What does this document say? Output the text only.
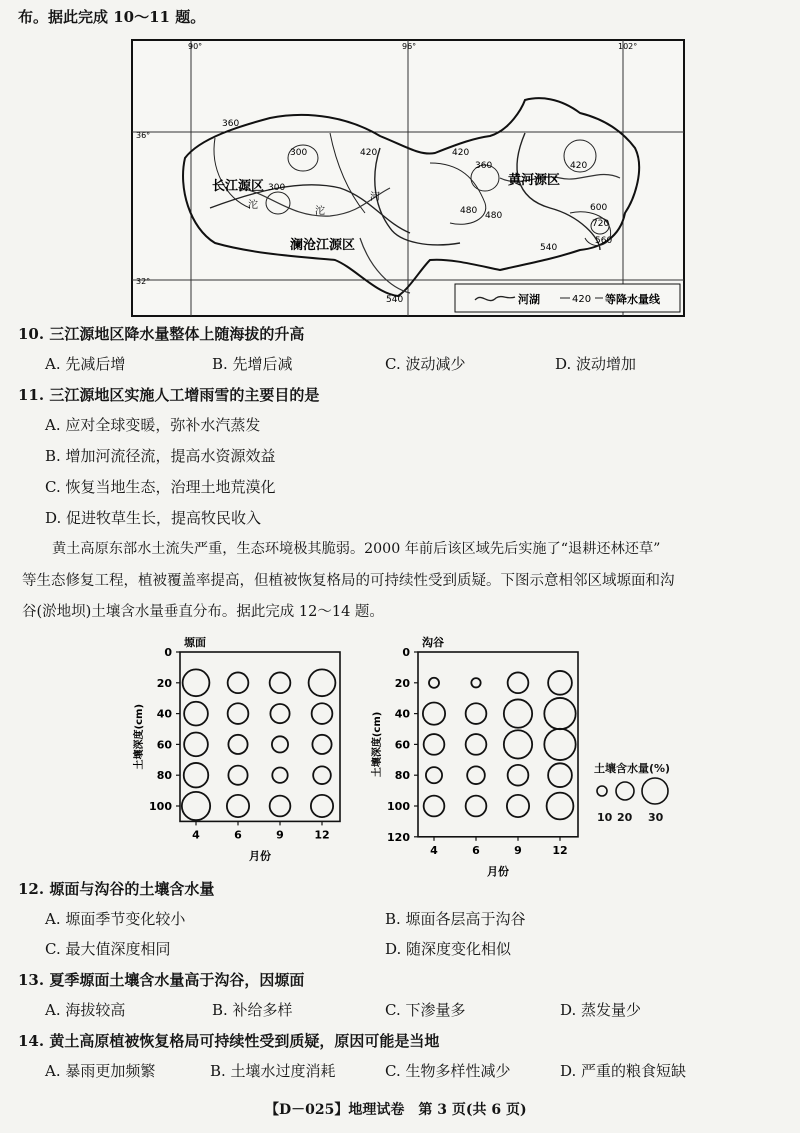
布。据此完成 10～11 题。
90°	96°	102°
36°
32°
360
300
300
420	420
360
480 480
540
540
600
720
560
420
长江源区	黄河源区
澜沧江源区
沱
沱
河
河湖	420 等降水量线
10. 三江源地区降水量整体上随海拔的升高
A. 先减后增	B. 先增后减	C. 波动减少	D. 波动增加
11. 三江源地区实施人工增雨雪的主要目的是
A. 应对全球变暖，弥补水汽蒸发
B. 增加河流径流，提高水资源效益
C. 恢复当地生态，治理土地荒漠化
D. 促进牧草生长，提高牧民收入
黄土高原东部水土流失严重，生态环境极其脆弱。2000 年前后该区域先后实施了“退耕还林还草”
等生态修复工程，植被覆盖率提高，但植被恢复格局的可持续性受到质疑。下图示意相邻区域塬面和沟
谷(淤地坝)土壤含水量垂直分布。据此完成 12～14 题。
塬面
0
20
40
60
80
100
4	6	9	12
月份
土壤深度(cm)
沟谷
0
20
40
60
80
100
120
4	6	9	12
月份
土壤深度(cm)	土壤含水量(%)
10 20 30
12. 塬面与沟谷的土壤含水量
A. 塬面季节变化较小	B. 塬面各层高于沟谷
C. 最大值深度相同	D. 随深度变化相似
13. 夏季塬面土壤含水量高于沟谷，因塬面
A. 海拔较高	B. 补给多样	C. 下渗量多	D. 蒸发量少
14. 黄土高原植被恢复格局可持续性受到质疑，原因可能是当地
A. 暴雨更加频繁	B. 土壤水过度消耗	C. 生物多样性减少	D. 严重的粮食短缺
【D－025】地理试卷　第 3 页(共 6 页)
